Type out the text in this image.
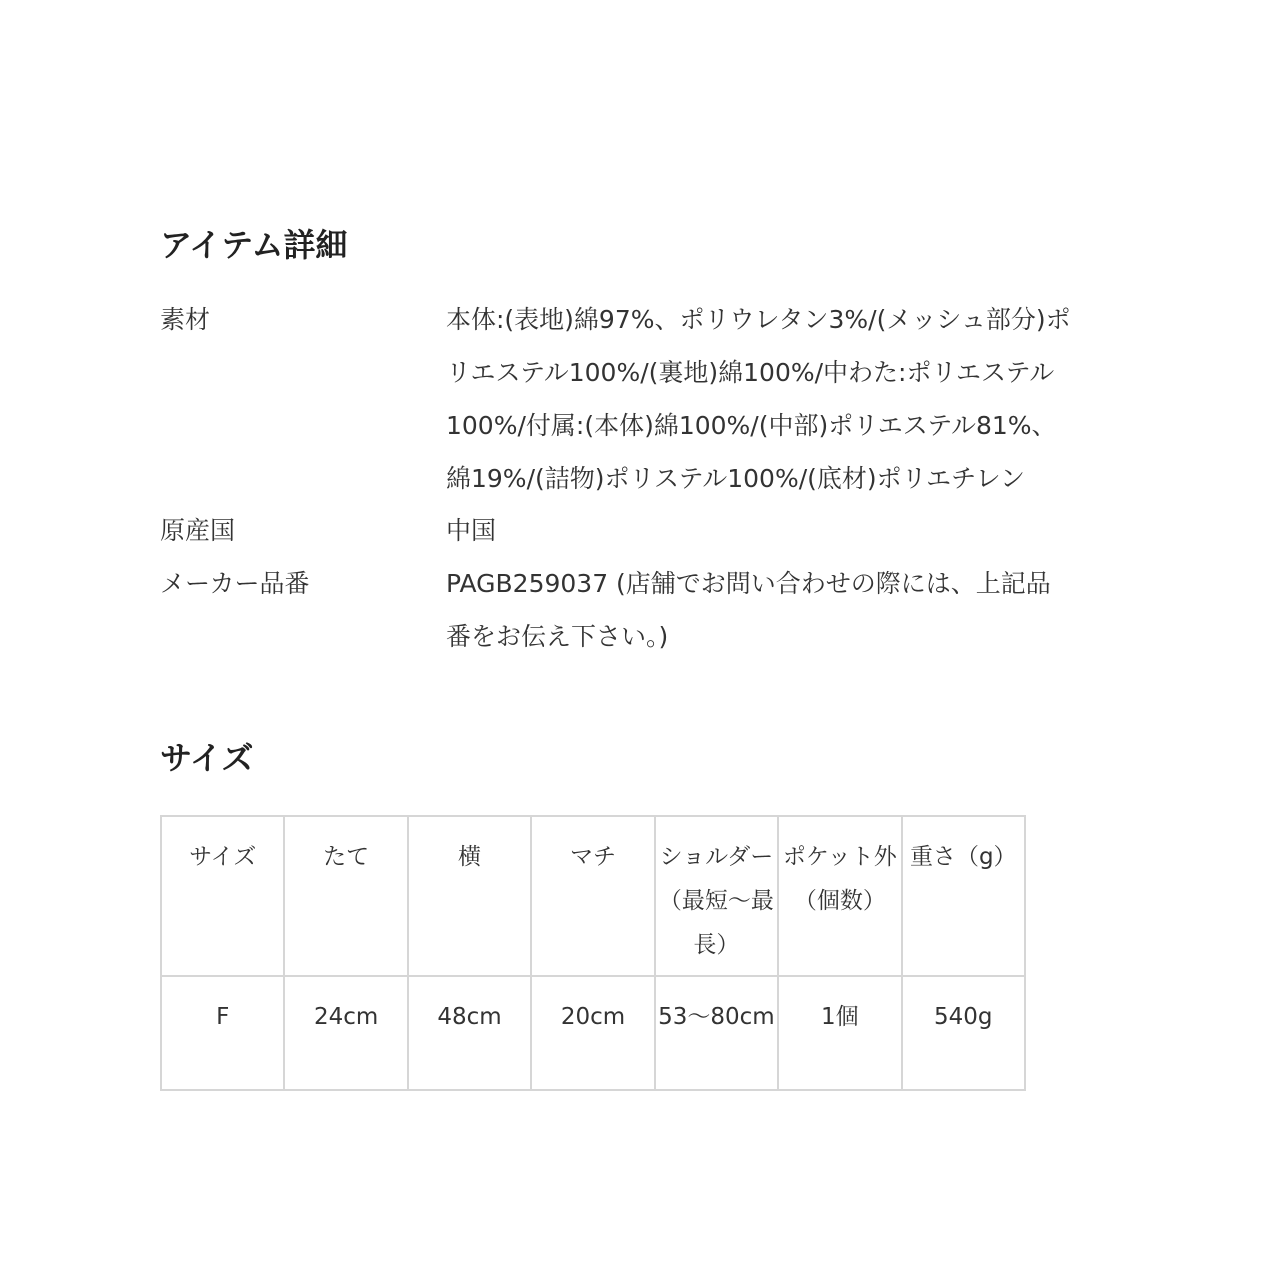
アイテム詳細
素材	本体:(表地)綿97%、ポリウレタン3%/(メッシュ部分)ポ
リエステル100%/(裏地)綿100%/中わた:ポリエステル
100%/付属:(本体)綿100%/(中部)ポリエステル81%、
綿19%/(詰物)ポリステル100%/(底材)ポリエチレン
原産国	中国
メーカー品番	PAGB259037 (店舗でお問い合わせの際には、上記品
番をお伝え下さい。)
サイズ
サイズ	たて	横	マチ	ショルダー（最短〜最長）	ポケット外（個数）	重さ（g）
F	24cm	48cm	20cm	53〜80cm	1個	540g
